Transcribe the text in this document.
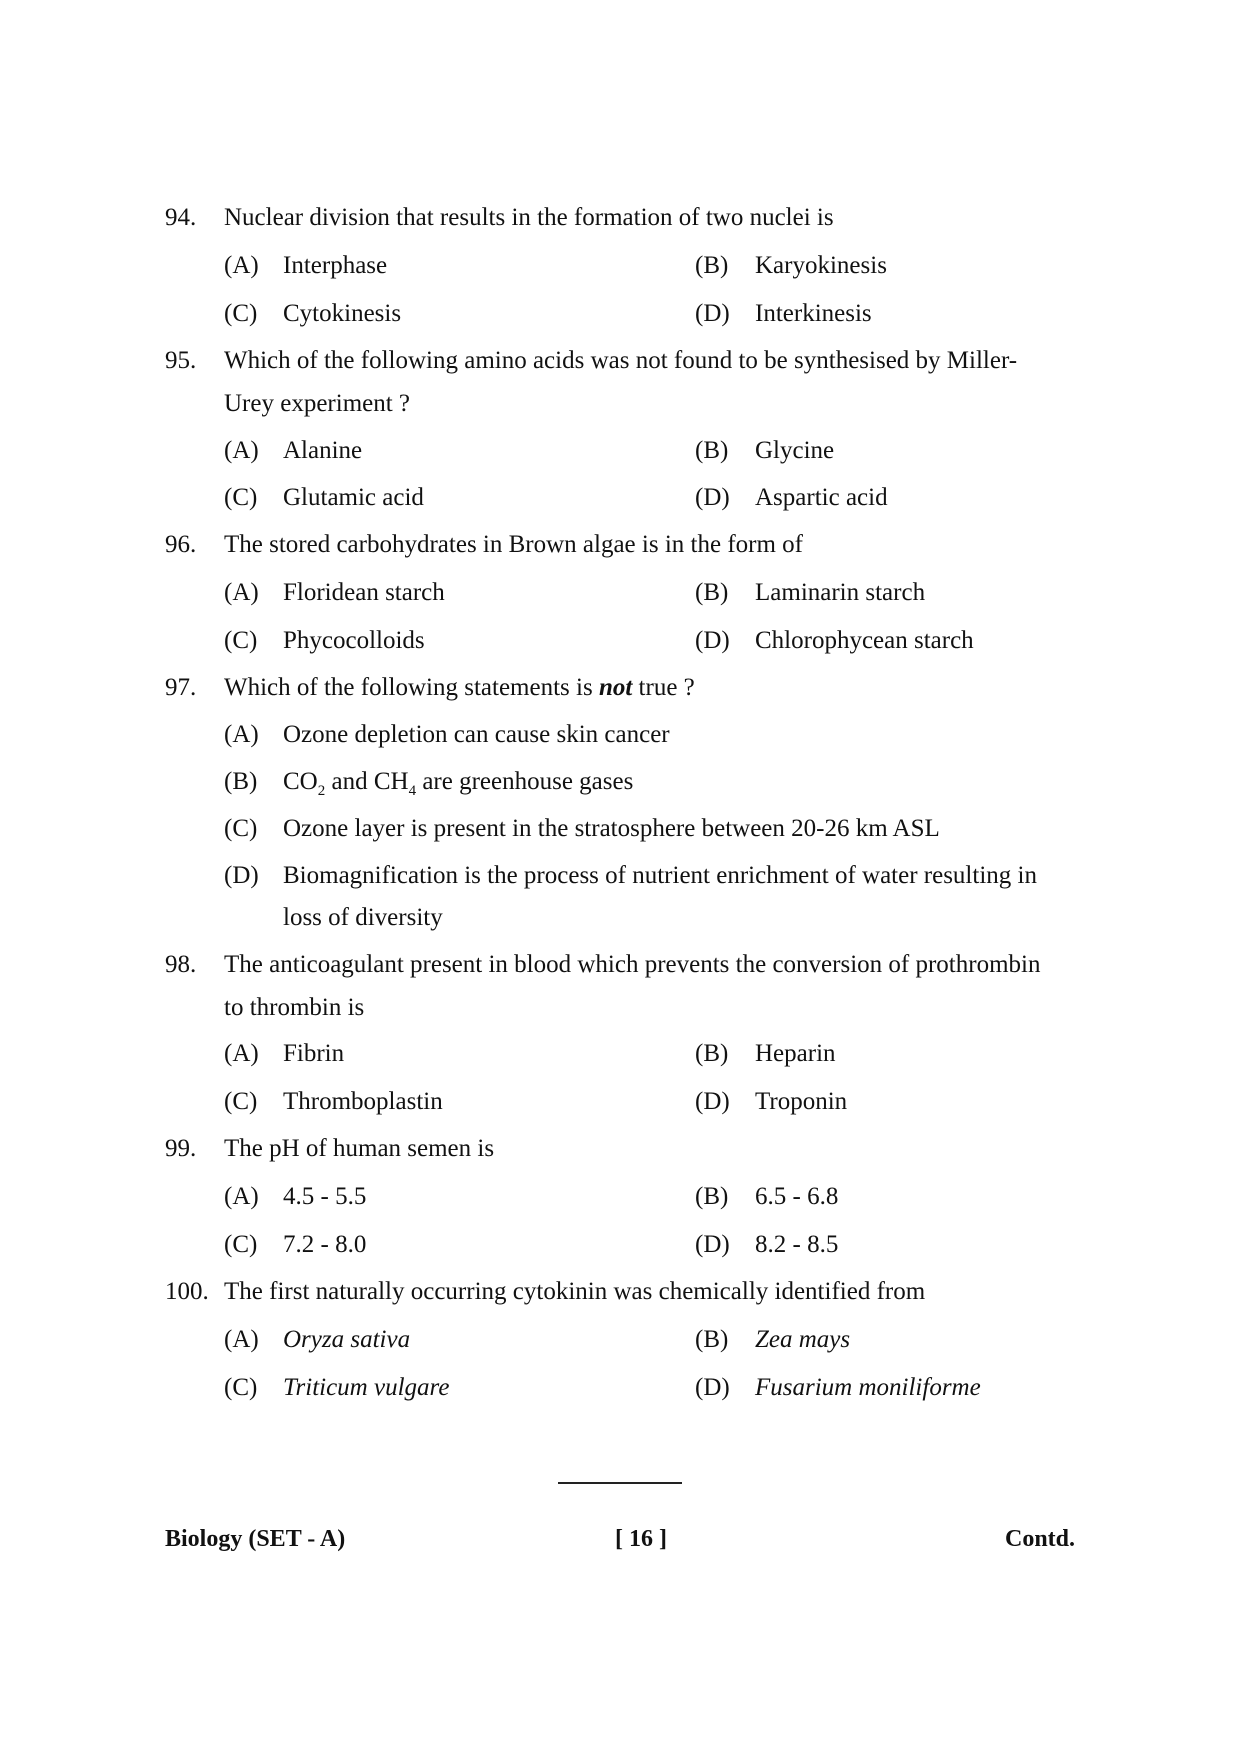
94. Nuclear division that results in the formation of two nuclei is
(A) Interphase	(B) Karyokinesis
(C) Cytokinesis	(D) Interkinesis
95. Which of the following amino acids was not found to be synthesised by Miller-
Urey experiment ?
(A) Alanine	(B) Glycine
(C) Glutamic acid	(D) Aspartic acid
96. The stored carbohydrates in Brown algae is in the form of
(A) Floridean starch	(B) Laminarin starch
(C) Phycocolloids	(D) Chlorophycean starch
97. Which of the following statements is not true ?
(A) Ozone depletion can cause skin cancer
(B) $CO_2$ and $CH_4$ are greenhouse gases
(C) Ozone layer is present in the stratosphere between 20-26 km ASL
(D) Biomagnification is the process of nutrient enrichment of water resulting in
loss of diversity
98. The anticoagulant present in blood which prevents the conversion of prothrombin
to thrombin is
(A) Fibrin	(B) Heparin
(C) Thromboplastin	(D) Troponin
99. The pH of human semen is
(A) 4.5 - 5.5	(B) 6.5 - 6.8
(C) 7.2 - 8.0	(D) 8.2 - 8.5
100. The first naturally occurring cytokinin was chemically identified from
(A) Oryza sativa	(B) Zea mays
(C) Triticum vulgare	(D) Fusarium moniliforme
Biology (SET - A)	[ 16 ]	Contd.
